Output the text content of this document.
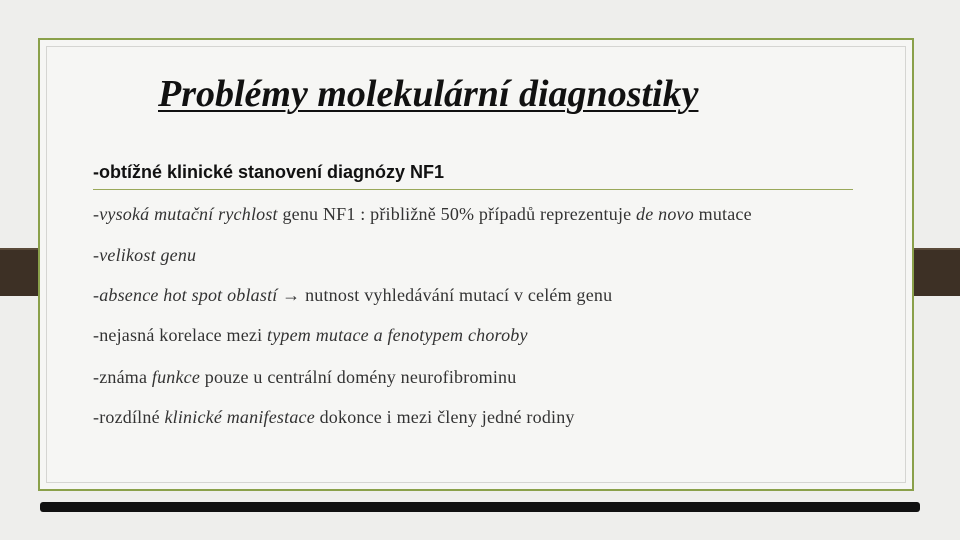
Problémy molekulární diagnostiky
-obtížné klinické stanovení diagnózy NF1
-vysoká mutační rychlost genu NF1 : přibližně 50% případů reprezentuje de novo mutace
-velikost genu
-absence hot spot oblastí → nutnost vyhledávání mutací v celém genu
-nejasná korelace mezi typem mutace a fenotypem choroby
-známa funkce pouze u centrální domény neurofibrominu
-rozdílné klinické manifestace dokonce i mezi členy jedné rodiny
